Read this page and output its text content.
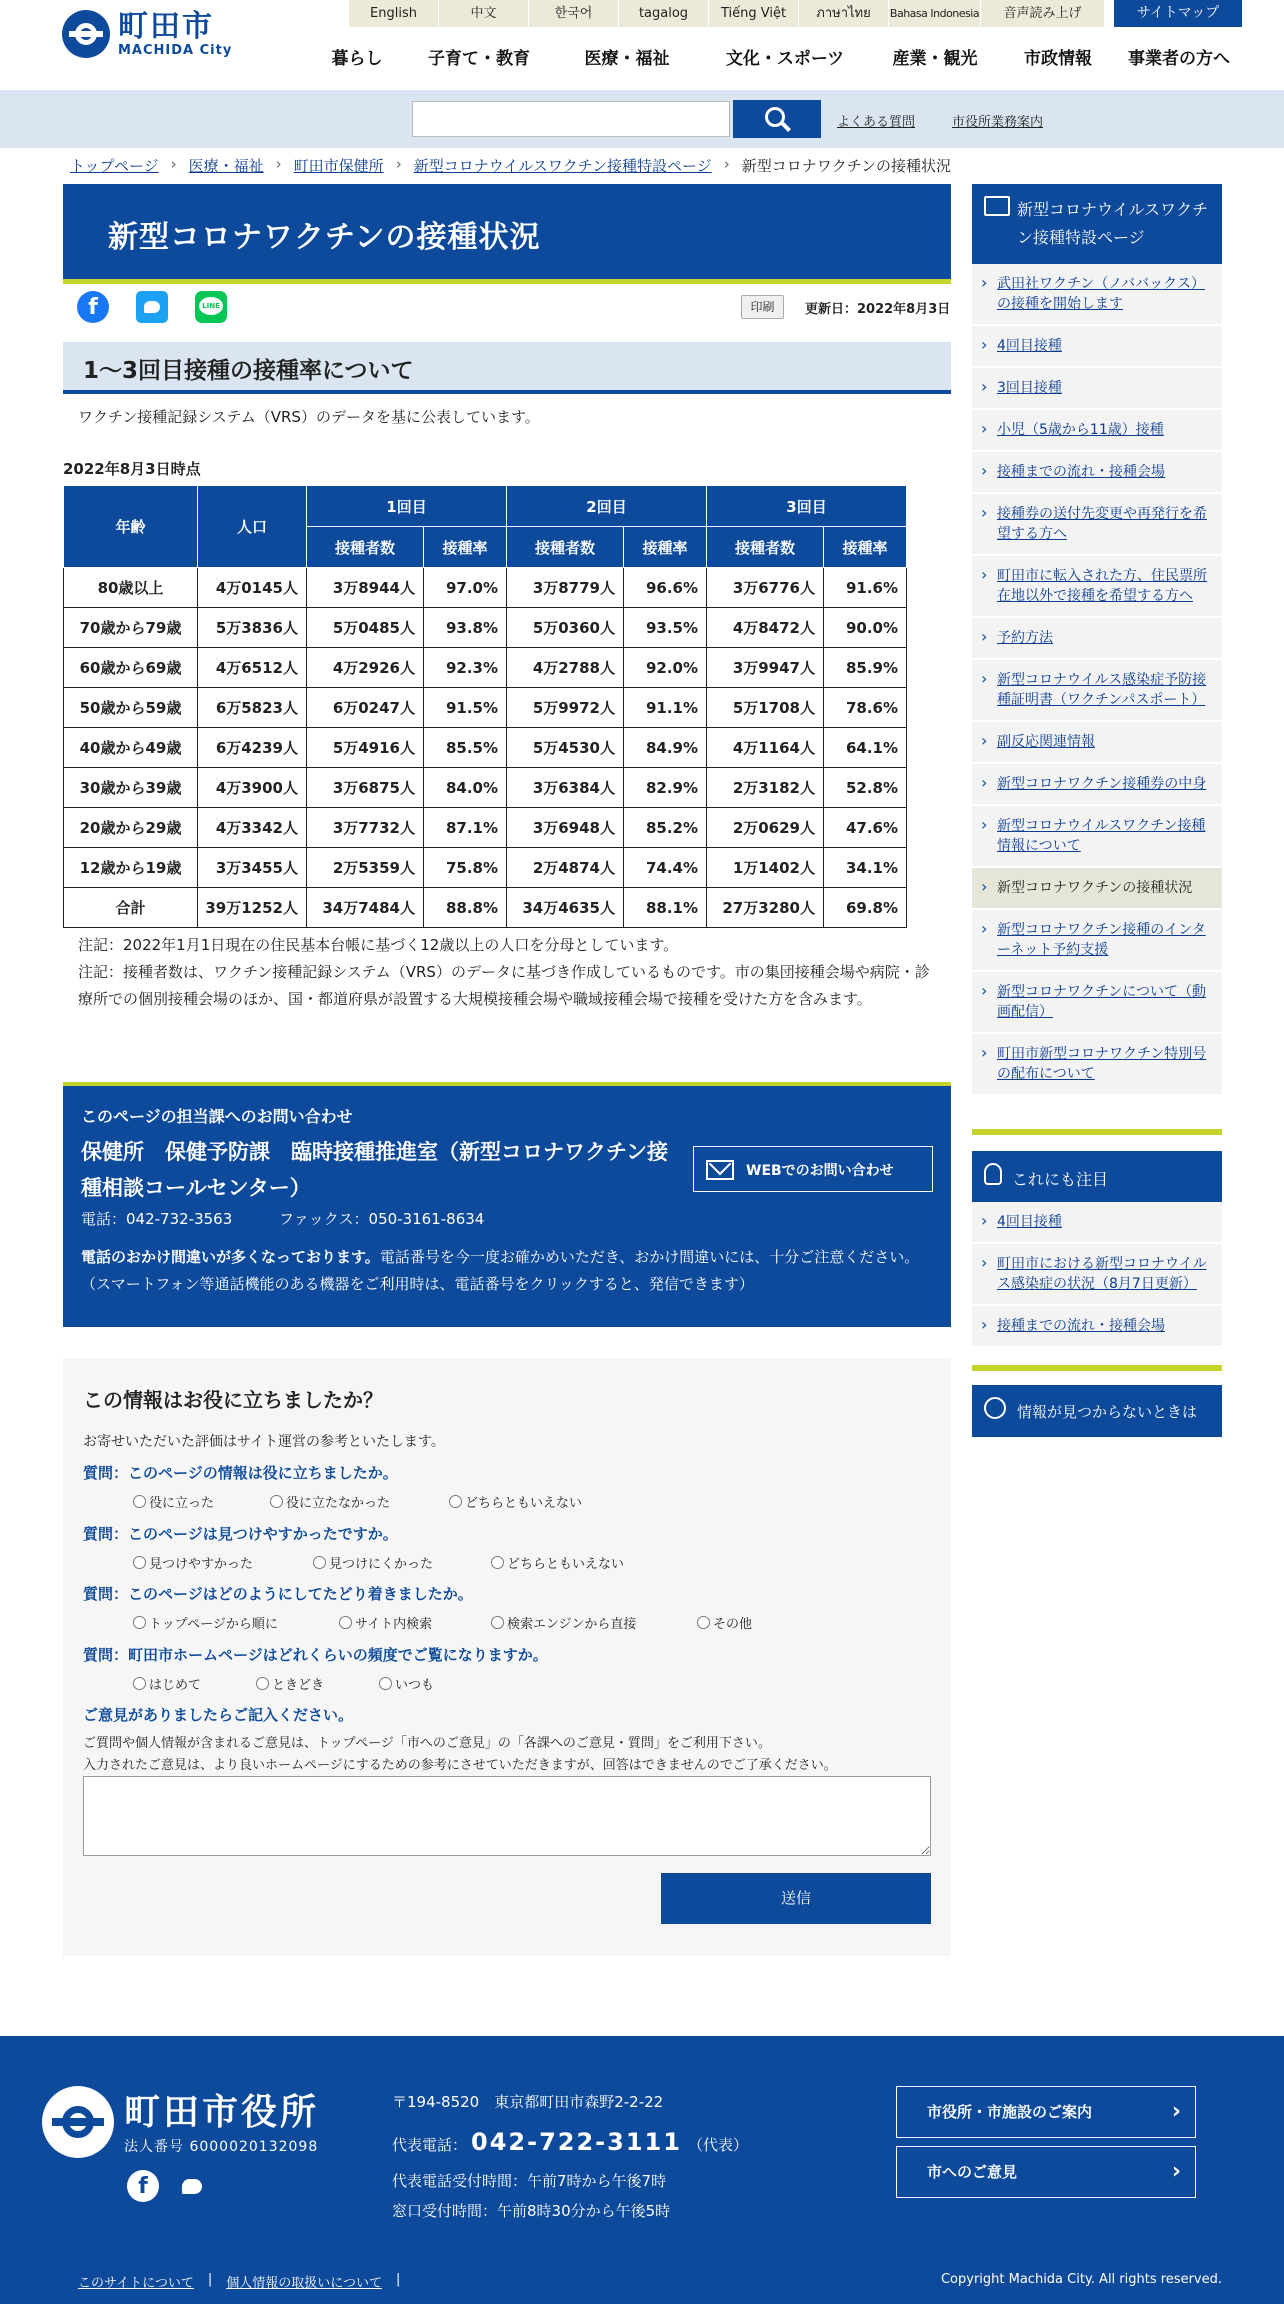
町田市
MACHIDA City
English	中文	한국어	tagalog	Tiếng Việt	ภาษาไทย	Bahasa Indonesia	音声読み上げ	サイトマップ
暮らし	子育て・教育	医療・福祉	文化・スポーツ	産業・観光	市政情報	事業者の方へ
よくある質問	市役所業務案内
トップページ › 医療・福祉 › 町田市保健所 › 新型コロナウイルスワクチン接種特設ページ › 新型コロナワクチンの接種状況
新型コロナワクチンの接種状況
f	LINE	印刷	更新日：2022年8月3日
1～3回目接種の接種率について
ワクチン接種記録システム（VRS）のデータを基に公表しています。
2022年8月3日時点
年齢	人口	1回目		2回目		3回目	
		接種者数	接種率	接種者数	接種率	接種者数	接種率
80歳以上	4万0145人	3万8944人	97.0%	3万8779人	96.6%	3万6776人	91.6%
70歳から79歳	5万3836人	5万0485人	93.8%	5万0360人	93.5%	4万8472人	90.0%
60歳から69歳	4万6512人	4万2926人	92.3%	4万2788人	92.0%	3万9947人	85.9%
50歳から59歳	6万5823人	6万0247人	91.5%	5万9972人	91.1%	5万1708人	78.6%
40歳から49歳	6万4239人	5万4916人	85.5%	5万4530人	84.9%	4万1164人	64.1%
30歳から39歳	4万3900人	3万6875人	84.0%	3万6384人	82.9%	2万3182人	52.8%
20歳から29歳	4万3342人	3万7732人	87.1%	3万6948人	85.2%	2万0629人	47.6%
12歳から19歳	3万3455人	2万5359人	75.8%	2万4874人	74.4%	1万1402人	34.1%
合計	39万1252人	34万7484人	88.8%	34万4635人	88.1%	27万3280人	69.8%
注記：2022年1月1日現在の住民基本台帳に基づく12歳以上の人口を分母としています。
注記：接種者数は、ワクチン接種記録システム（VRS）のデータに基づき作成しているものです。市の集団接種会場や病院・診療所での個別接種会場のほか、国・都道府県が設置する大規模接種会場や職域接種会場で接種を受けた方を含みます。
このページの担当課へのお問い合わせ
保健所　保健予防課　臨時接種推進室（新型コロナワクチン接種相談コールセンター）
電話：042-732-3563	ファックス：050-3161-8634
電話のおかけ間違いが多くなっております。電話番号を今一度お確かめいただき、おかけ間違いには、十分ご注意ください。（スマートフォン等通話機能のある機器をご利用時は、電話番号をクリックすると、発信できます）
WEBでのお問い合わせ
この情報はお役に立ちましたか？
お寄せいただいた評価はサイト運営の参考といたします。
質問：このページの情報は役に立ちましたか。
役に立った	役に立たなかった	どちらともいえない
質問：このページは見つけやすかったですか。
見つけやすかった	見つけにくかった	どちらともいえない
質問：このページはどのようにしてたどり着きましたか。
トップページから順に	サイト内検索	検索エンジンから直接	その他
質問：町田市ホームページはどれくらいの頻度でご覧になりますか。
はじめて	ときどき	いつも
ご意見がありましたらご記入ください。
ご質問や個人情報が含まれるご意見は、トップページ「市へのご意見」の「各課へのご意見・質問」をご利用下さい。
入力されたご意見は、より良いホームページにするための参考にさせていただきますが、回答はできませんのでご了承ください。
送信
新型コロナウイルスワクチン接種特設ページ
› 武田社ワクチン（ノババックス）の接種を開始します
› 4回目接種
› 3回目接種
› 小児（5歳から11歳）接種
› 接種までの流れ・接種会場
› 接種券の送付先変更や再発行を希望する方へ
› 町田市に転入された方、住民票所在地以外で接種を希望する方へ
› 予約方法
› 新型コロナウイルス感染症予防接種証明書（ワクチンパスポート）
› 副反応関連情報
› 新型コロナワクチン接種券の中身
› 新型コロナウイルスワクチン接種情報について
› 新型コロナワクチンの接種状況
› 新型コロナワクチン接種のインターネット予約支援
› 新型コロナワクチンについて（動画配信）
› 町田市新型コロナワクチン特別号の配布について
これにも注目
› 4回目接種
› 町田市における新型コロナウイルス感染症の状況（8月7日更新）
› 接種までの流れ・接種会場
情報が見つからないときは
町田市役所
法人番号 6000020132098
f
〒194-8520　東京都町田市森野2-2-22
代表電話： 042-722-3111 （代表）
代表電話受付時間：午前7時から午後7時
窓口受付時間：午前8時30分から午後5時
市役所・市施設のご案内 ›
市へのご意見 ›
このサイトについて | 個人情報の取扱いについて |	Copyright Machida City. All rights reserved.
